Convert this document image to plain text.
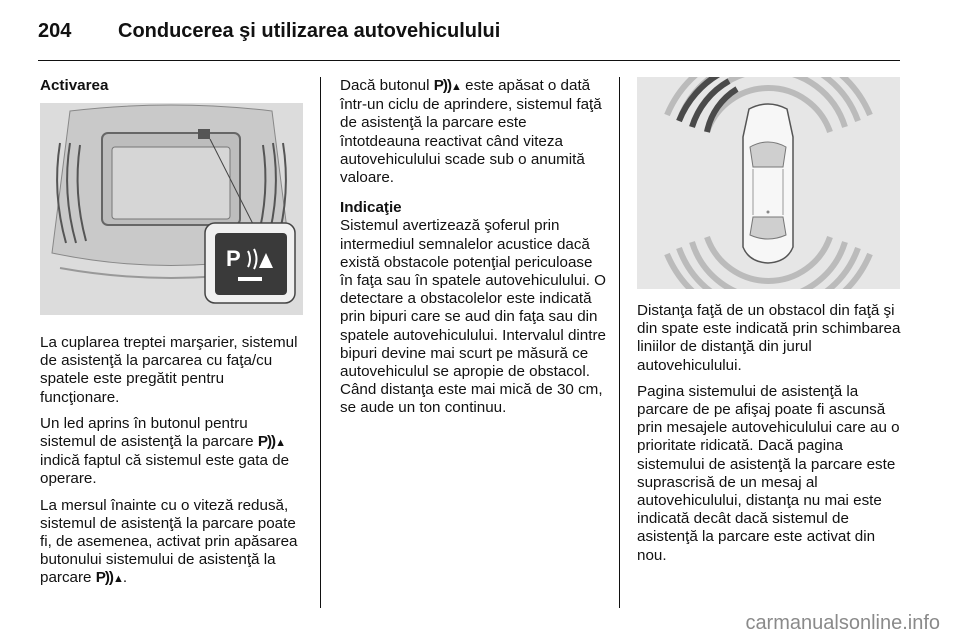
204 Conducerea şi utilizarea autovehiculului
Activarea
P

La cuplarea treptei marşarier, sistemul de asistenţă la parcarea cu faţa/cu spatele este pregătit pentru funcţionare.

Un led aprins în butonul pentru sistemul de asistenţă la parcare P))▲ indică faptul că sistemul este gata de operare.

La mersul înainte cu o viteză redusă, sistemul de asistenţă la parcare poate fi, de asemenea, activat prin apăsarea butonului sistemului de asistenţă la parcare P))▲.

Dacă butonul P))▲ este apăsat o dată într-un ciclu de aprindere, sistemul faţă de asistenţă la parcare este întotdeauna reactivat când viteza autovehiculului scade sub o anumită valoare.

Indicaţie

Sistemul avertizează şoferul prin intermediul semnalelor acustice dacă există obstacole potenţial periculoase în faţa sau în spatele autovehiculului. O detectare a obstacolelor este indicată prin bipuri care se aud din faţa sau din spatele autovehiculului. Intervalul dintre bipuri devine mai scurt pe măsură ce autovehiculul se apropie de obstacol. Când distanţa este mai mică de 30 cm, se aude un ton continuu.

Distanţa faţă de un obstacol din faţă şi din spate este indicată prin schimbarea liniilor de distanţă din jurul autovehiculului.

Pagina sistemului de asistenţă la parcare de pe afişaj poate fi ascunsă prin mesajele autovehiculului care au o prioritate ridicată. Dacă pagina sistemului de asistenţă la parcare este suprascrisă de un mesaj al autovehiculului, distanţa nu mai este indicată decât dacă sistemul de asistenţă la parcare este activat din nou.

carmanualsonline.info
